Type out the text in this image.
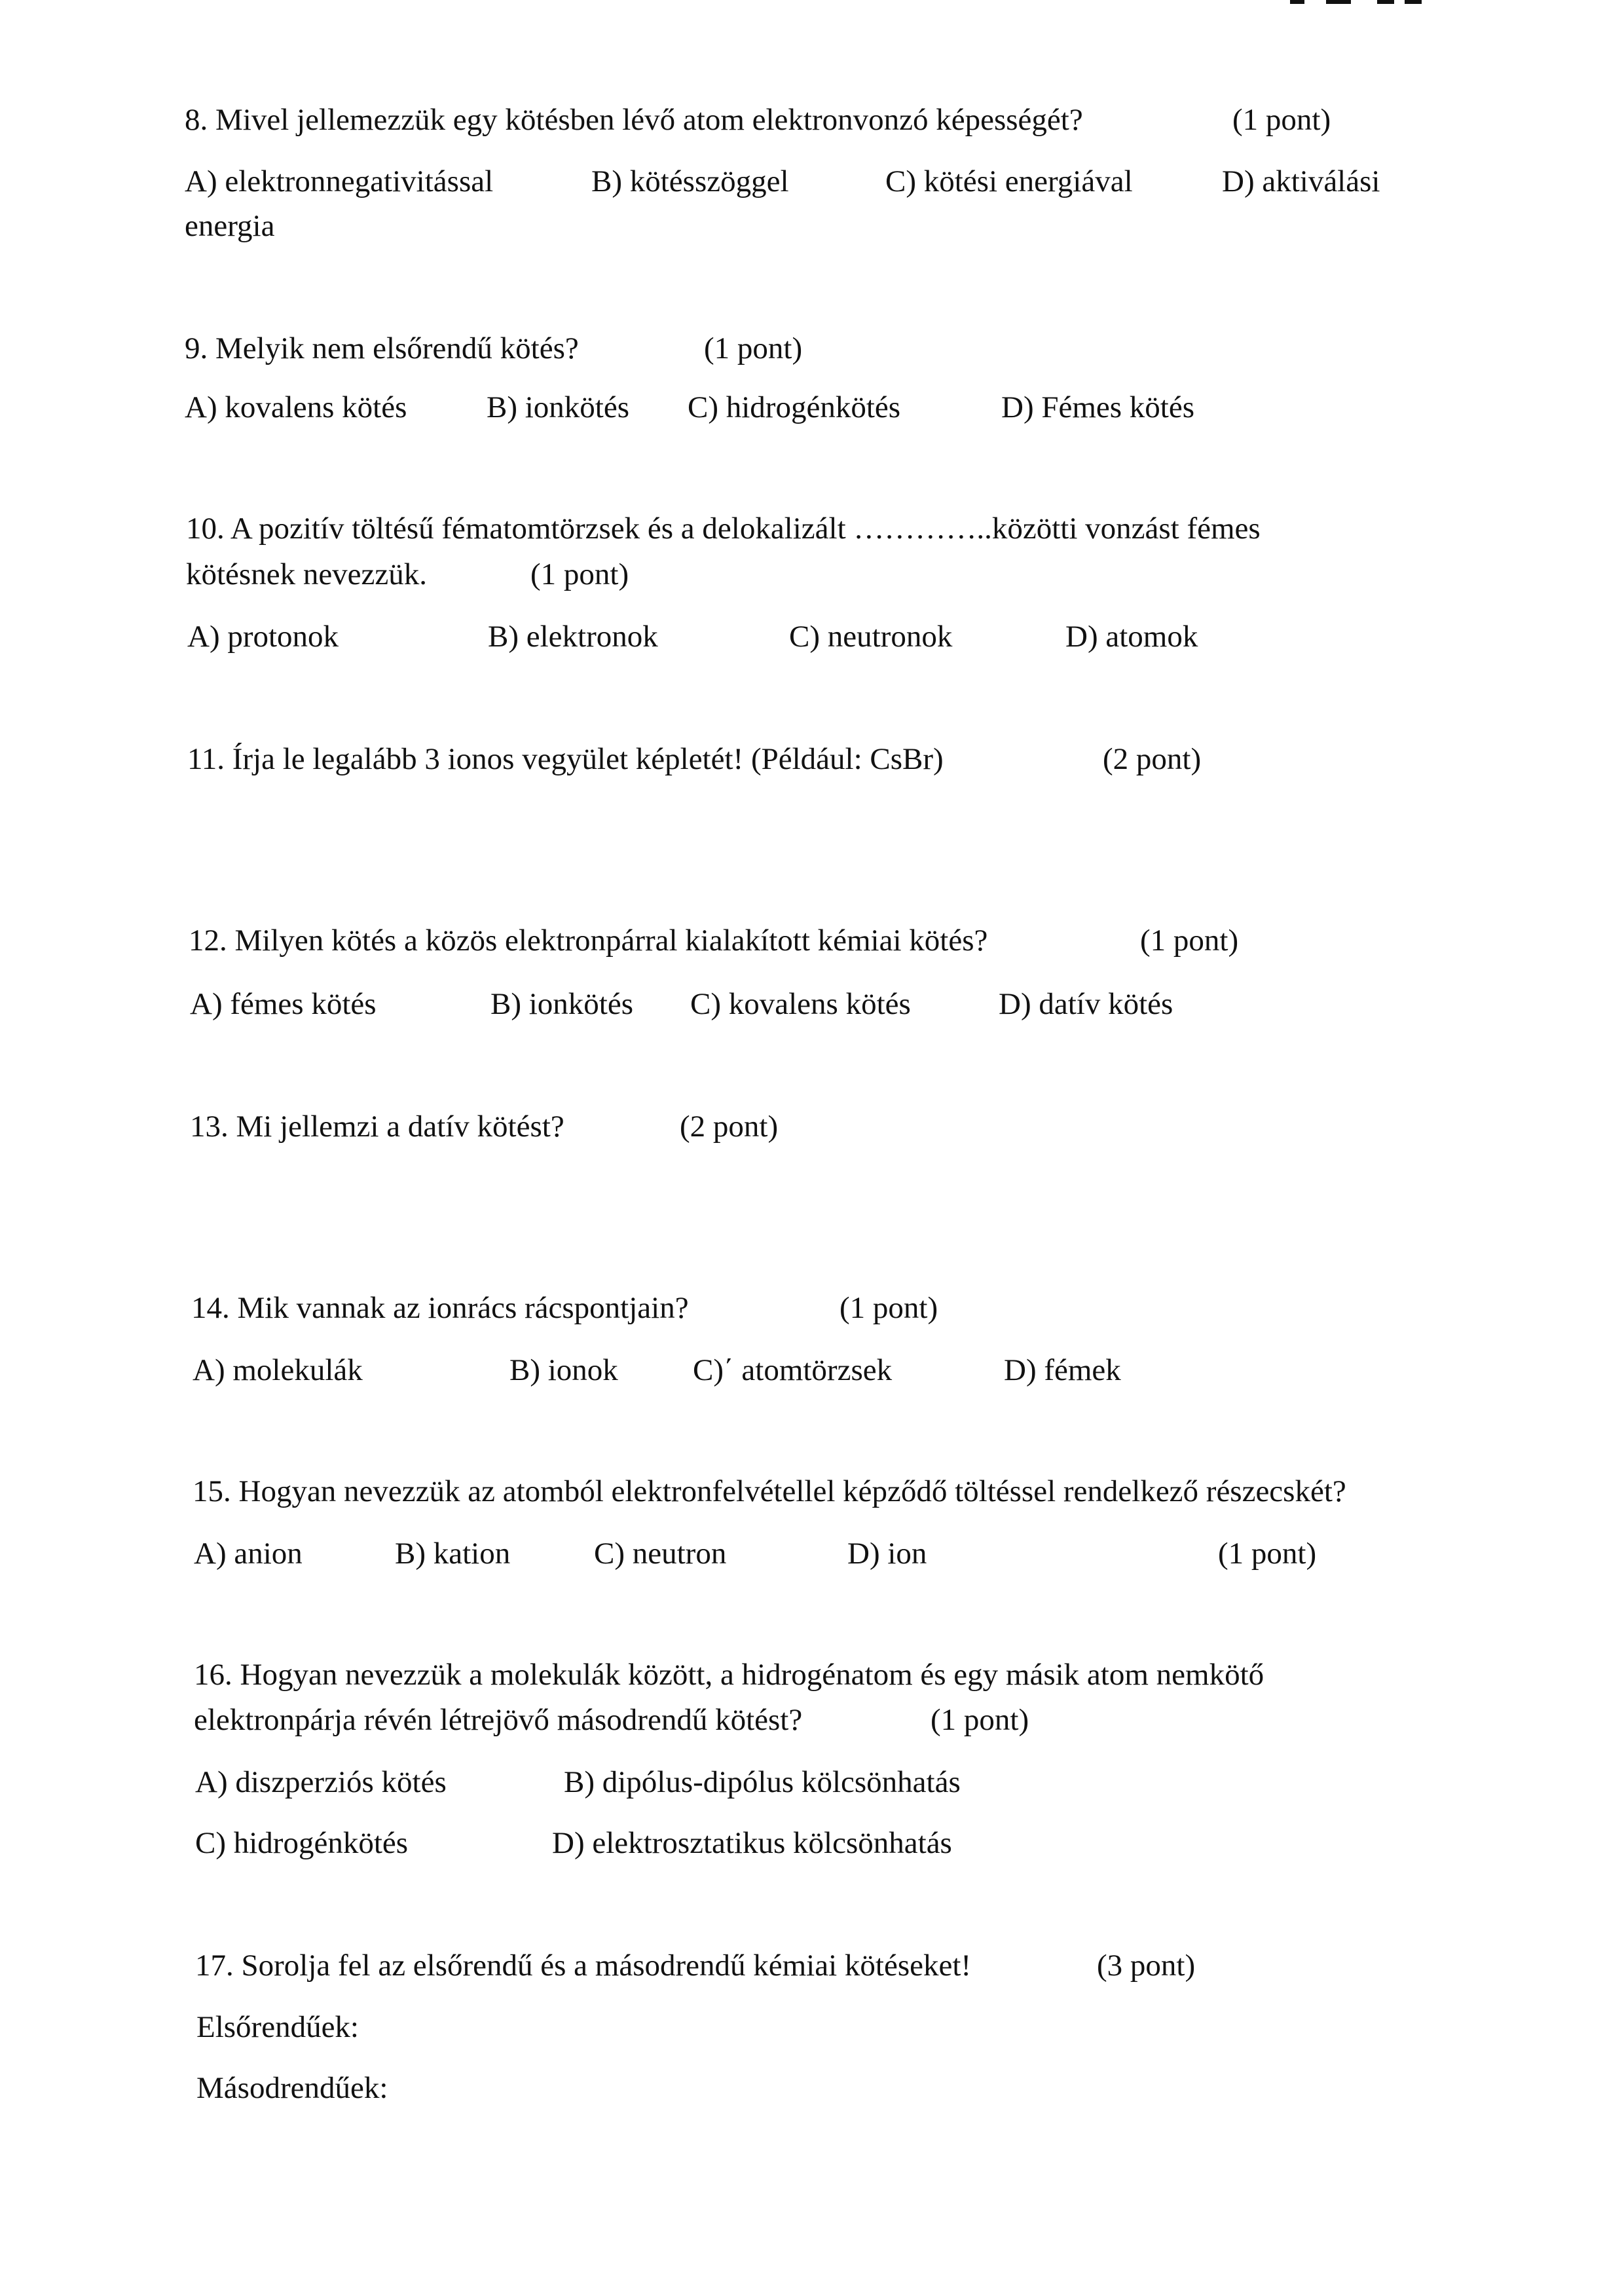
8. Mivel jellemezzük egy kötésben lévő atom elektronvonzó képességét?	(1 pont)
A) elektronnegativitással	B) kötésszöggel	C) kötési energiával	D) aktiválási
energia
9. Melyik nem elsőrendű kötés?	(1 pont)
A) kovalens kötés	B) ionkötés C) hidrogénkötés	D) Fémes kötés
10. A pozitív töltésű fématomtörzsek és a delokalizált …………..közötti vonzást fémes
kötésnek nevezzük.	(1 pont)
A) protonok	B) elektronok	C) neutronok	D) atomok
11. Írja le legalább 3 ionos vegyület képletét! (Például: CsBr)	(2 pont)
12. Milyen kötés a közös elektronpárral kialakított kémiai kötés?	(1 pont)
A) fémes kötés	B) ionkötés C) kovalens kötés	D) datív kötés
13. Mi jellemzi a datív kötést?	(2 pont)
14. Mik vannak az ionrács rácspontjain?	(1 pont)
A) molekulák	B) ionok C)΄ atomtörzsek	D) fémek
15. Hogyan nevezzük az atomból elektronfelvétellel képződő töltéssel rendelkező részecskét?
A) anion	B) kation	C) neutron	D) ion	(1 pont)
16. Hogyan nevezzük a molekulák között, a hidrogénatom és egy másik atom nemkötő
elektronpárja révén létrejövő másodrendű kötést?	(1 pont)
A) diszperziós kötés	B) dipólus-dipólus kölcsönhatás
C) hidrogénkötés	D) elektrosztatikus kölcsönhatás
17. Sorolja fel az elsőrendű és a másodrendű kémiai kötéseket!	(3 pont)
Elsőrendűek:
Másodrendűek:
